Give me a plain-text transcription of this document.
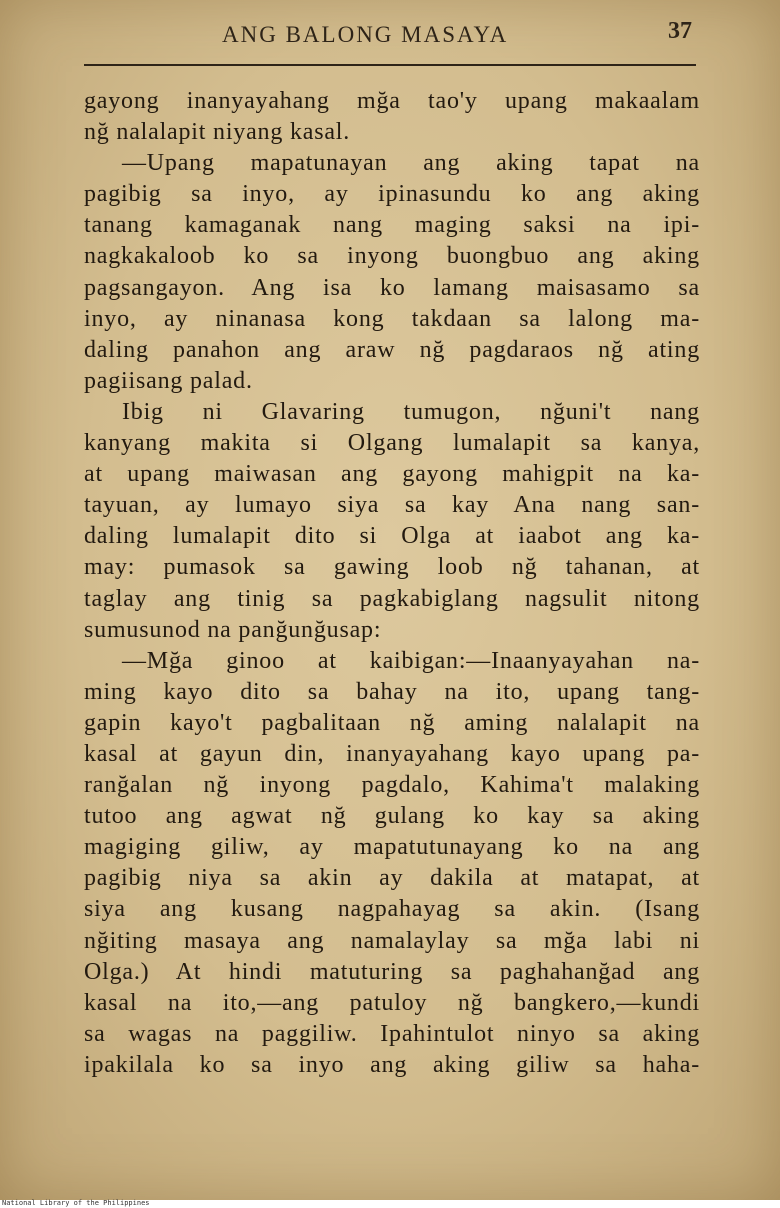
ANG BALONG MASAYA	37
gayong inanyayahang mğa tao'y upang makaalam
nğ nalalapit niyang kasal.
—Upang mapatunayan ang aking tapat na
pagibig sa inyo, ay ipinasundu ko ang aking
tanang kamaganak nang maging saksi na ipi-
nagkakaloob ko sa inyong buongbuo ang aking
pagsangayon. Ang isa ko lamang maisasamo sa
inyo, ay ninanasa kong takdaan sa lalong ma-
daling panahon ang araw nğ pagdaraos nğ ating
pagiisang palad.
Ibig ni Glavaring tumugon, nğuni't nang
kanyang makita si Olgang lumalapit sa kanya,
at upang maiwasan ang gayong mahigpit na ka-
tayuan, ay lumayo siya sa kay Ana nang san-
daling lumalapit dito si Olga at iaabot ang ka-
may: pumasok sa gawing loob nğ tahanan, at
taglay ang tinig sa pagkabiglang nagsulit nitong
sumusunod na panğunğusap:
—Mğa ginoo at kaibigan:—Inaanyayahan na-
ming kayo dito sa bahay na ito, upang tang-
gapin kayo't pagbalitaan nğ aming nalalapit na
kasal at gayun din, inanyayahang kayo upang pa-
ranğalan nğ inyong pagdalo, Kahima't malaking
tutoo ang agwat nğ gulang ko kay sa aking
magiging giliw, ay mapatutunayang ko na ang
pagibig niya sa akin ay dakila at matapat, at
siya ang kusang nagpahayag sa akin. (Isang
nğiting masaya ang namalaylay sa mğa labi ni
Olga.) At hindi matuturing sa paghahanğad ang
kasal na ito,—ang patuloy nğ bangkero,—kundi
sa wagas na paggiliw. Ipahintulot ninyo sa aking
ipakilala ko sa inyo ang aking giliw sa haha-
National Library of the Philippines
